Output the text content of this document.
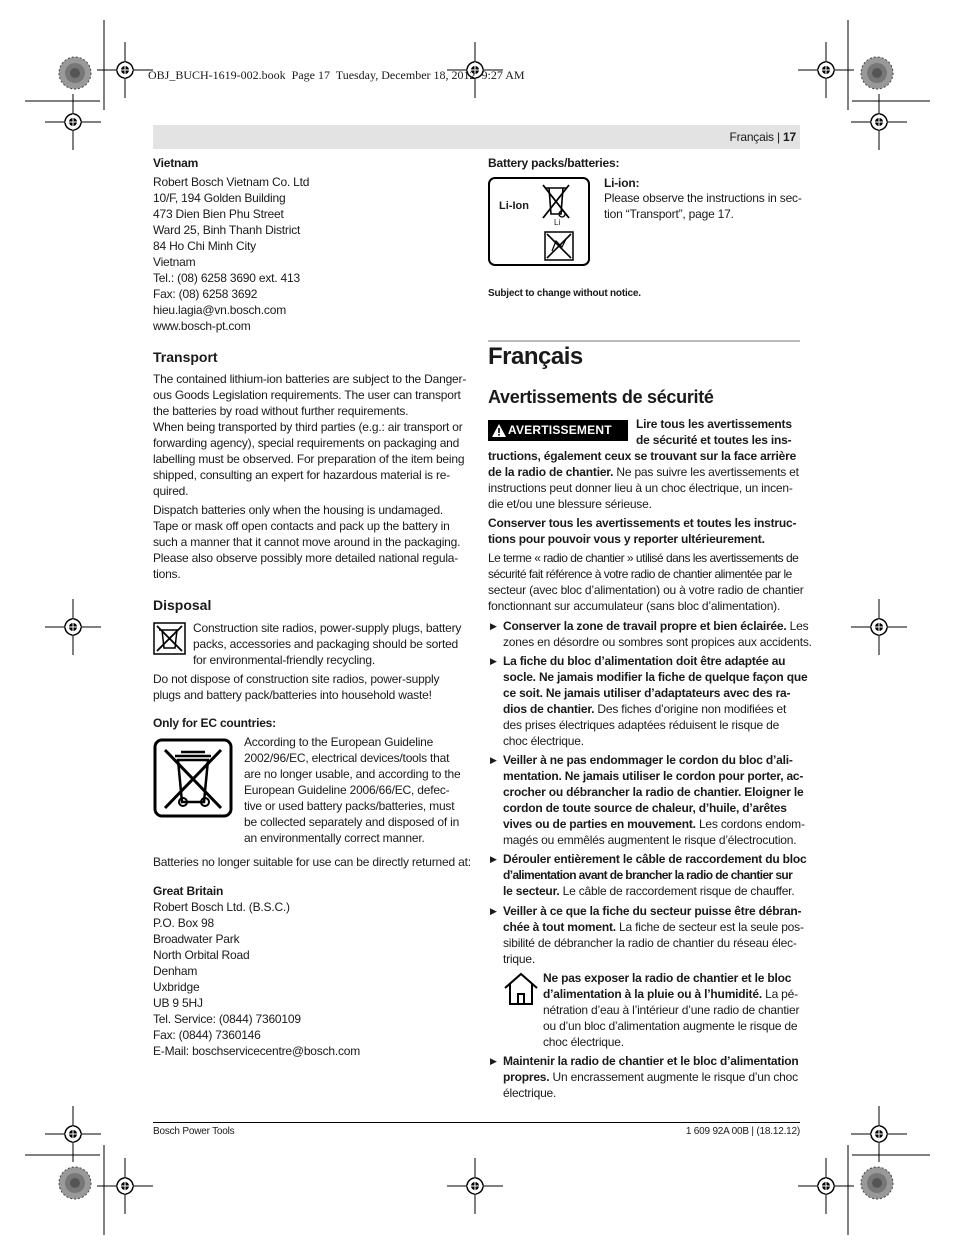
OBJ_BUCH-1619-002.book  Page 17  Tuesday, December 18, 2012  9:27 AM
Français | 17
Vietnam
Robert Bosch Vietnam Co. Ltd
10/F, 194 Golden Building
473 Dien Bien Phu Street
Ward 25, Binh Thanh District
84 Ho Chi Minh City
Vietnam
Tel.: (08) 6258 3690 ext. 413
Fax: (08) 6258 3692
hieu.lagia@vn.bosch.com
www.bosch-pt.com
Transport
The contained lithium-ion batteries are subject to the Danger-
ous Goods Legislation requirements. The user can transport
the batteries by road without further requirements.
When being transported by third parties (e.g.: air transport or
forwarding agency), special requirements on packaging and
labelling must be observed. For preparation of the item being
shipped, consulting an expert for hazardous material is re-
quired.
Dispatch batteries only when the housing is undamaged.
Tape or mask off open contacts and pack up the battery in
such a manner that it cannot move around in the packaging.
Please also observe possibly more detailed national regula-
tions.
Disposal
Construction site radios, power-supply plugs, battery
packs, accessories and packaging should be sorted
for environmental-friendly recycling.
Do not dispose of construction site radios, power-supply
plugs and battery pack/batteries into household waste!
Only for EC countries:
According to the European Guideline
2002/96/EC, electrical devices/tools that
are no longer usable, and according to the
European Guideline 2006/66/EC, defec-
tive or used battery packs/batteries, must
be collected separately and disposed of in
an environmentally correct manner.
Batteries no longer suitable for use can be directly returned at:
Great Britain
Robert Bosch Ltd. (B.S.C.)
P.O. Box 98
Broadwater Park
North Orbital Road
Denham
Uxbridge
UB 9 5HJ
Tel. Service: (0844) 7360109
Fax: (0844) 7360146
E-Mail: boschservicecentre@bosch.com
Battery packs/batteries:
Li-Ion
Li
Li-ion:
Please observe the instructions in sec-
tion “Transport”, page 17.
Subject to change without notice.
Français
Avertissements de sécurité
AVERTISSEMENT Lire tous les avertissements
de sécurité et toutes les ins-
tructions, également ceux se trouvant sur la face arrière
de la radio de chantier. Ne pas suivre les avertissements et
instructions peut donner lieu à un choc électrique, un incen-
die et/ou une blessure sérieuse.
Conserver tous les avertissements et toutes les instruc-
tions pour pouvoir vous y reporter ultérieurement.
Le terme « radio de chantier » utilisé dans les avertissements de
sécurité fait référence à votre radio de chantier alimentée par le
secteur (avec bloc d’alimentation) ou à votre radio de chantier
fonctionnant sur accumulateur (sans bloc d’alimentation).
▶ Conserver la zone de travail propre et bien éclairée. Les
zones en désordre ou sombres sont propices aux accidents.
▶ La fiche du bloc d’alimentation doit être adaptée au
socle. Ne jamais modifier la fiche de quelque façon que
ce soit. Ne jamais utiliser d’adaptateurs avec des ra-
dios de chantier. Des fiches d’origine non modifiées et
des prises électriques adaptées réduisent le risque de
choc électrique.
▶ Veiller à ne pas endommager le cordon du bloc d’ali-
mentation. Ne jamais utiliser le cordon pour porter, ac-
crocher ou débrancher la radio de chantier. Eloigner le
cordon de toute source de chaleur, d’huile, d’arêtes
vives ou de parties en mouvement. Les cordons endom-
magés ou emmêlés augmentent le risque d’électrocution.
▶ Dérouler entièrement le câble de raccordement du bloc
d’alimentation avant de brancher la radio de chantier sur
le secteur. Le câble de raccordement risque de chauffer.
▶ Veiller à ce que la fiche du secteur puisse être débran-
chée à tout moment. La fiche de secteur est la seule pos-
sibilité de débrancher la radio de chantier du réseau élec-
trique.
Ne pas exposer la radio de chantier et le bloc
d’alimentation à la pluie ou à l’humidité. La pé-
nétration d’eau à l’intérieur d’une radio de chantier
ou d’un bloc d’alimentation augmente le risque de
choc électrique.
▶ Maintenir la radio de chantier et le bloc d’alimentation
propres. Un encrassement augmente le risque d’un choc
électrique.
Bosch Power Tools	1 609 92A 00B | (18.12.12)
